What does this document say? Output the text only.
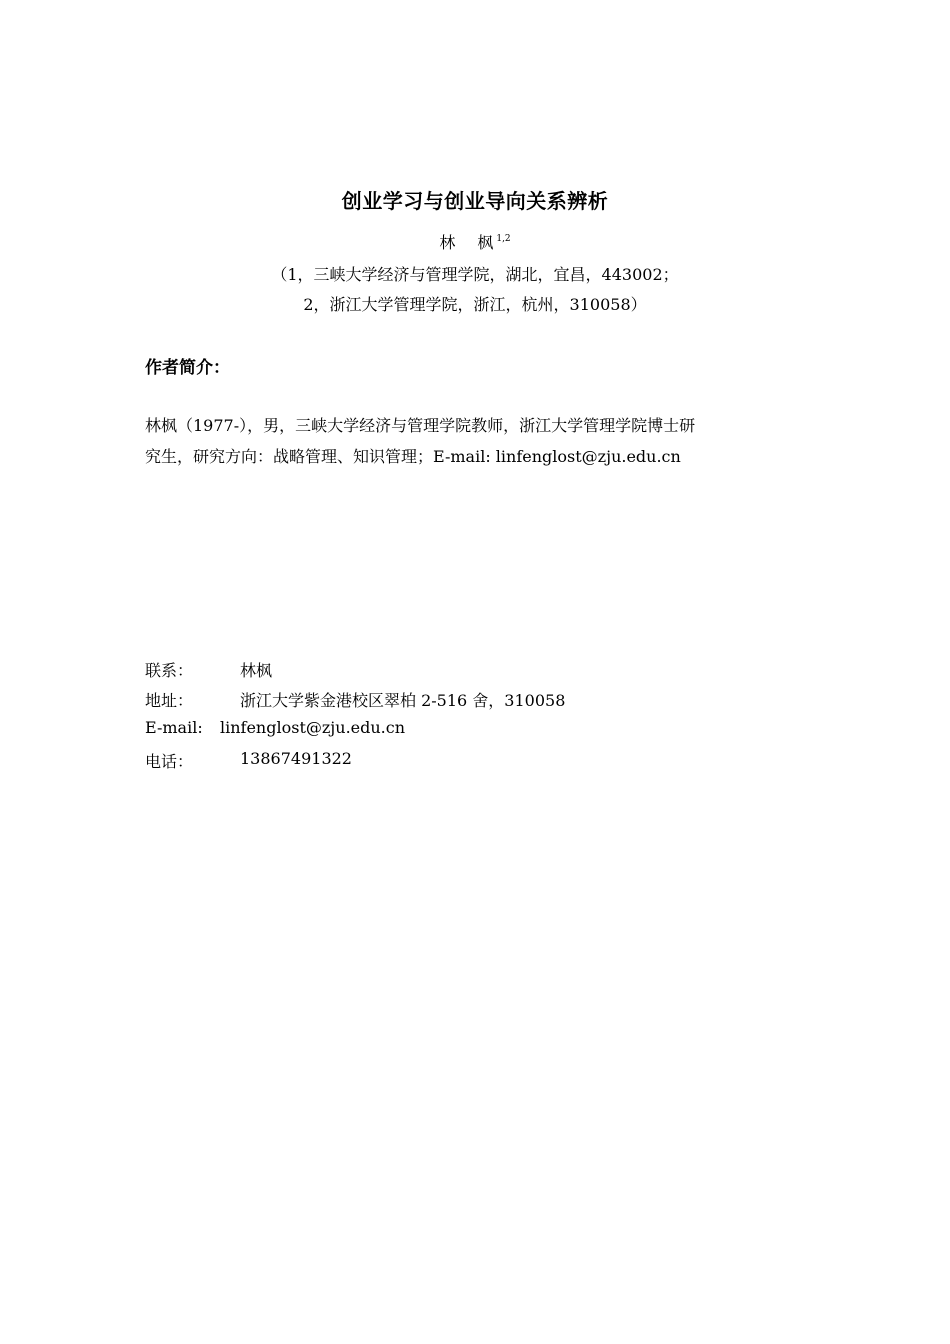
创业学习与创业导向关系辨析
林 枫 $^{1,2}$
（1，三峡大学经济与管理学院，湖北，宜昌，443002；
2，浙江大学管理学院，浙江，杭州，310058）
作者简介：
林枫（1977-），男，三峡大学经济与管理学院教师，浙江大学管理学院博士研
究生，研究方向：战略管理、知识管理；E-mail: linfenglost@zju.edu.cn
联系：	林枫
地址：	浙江大学紫金港校区翠柏 2-516 舍，310058
E-mail: linfenglost@zju.edu.cn
电话：	13867491322
